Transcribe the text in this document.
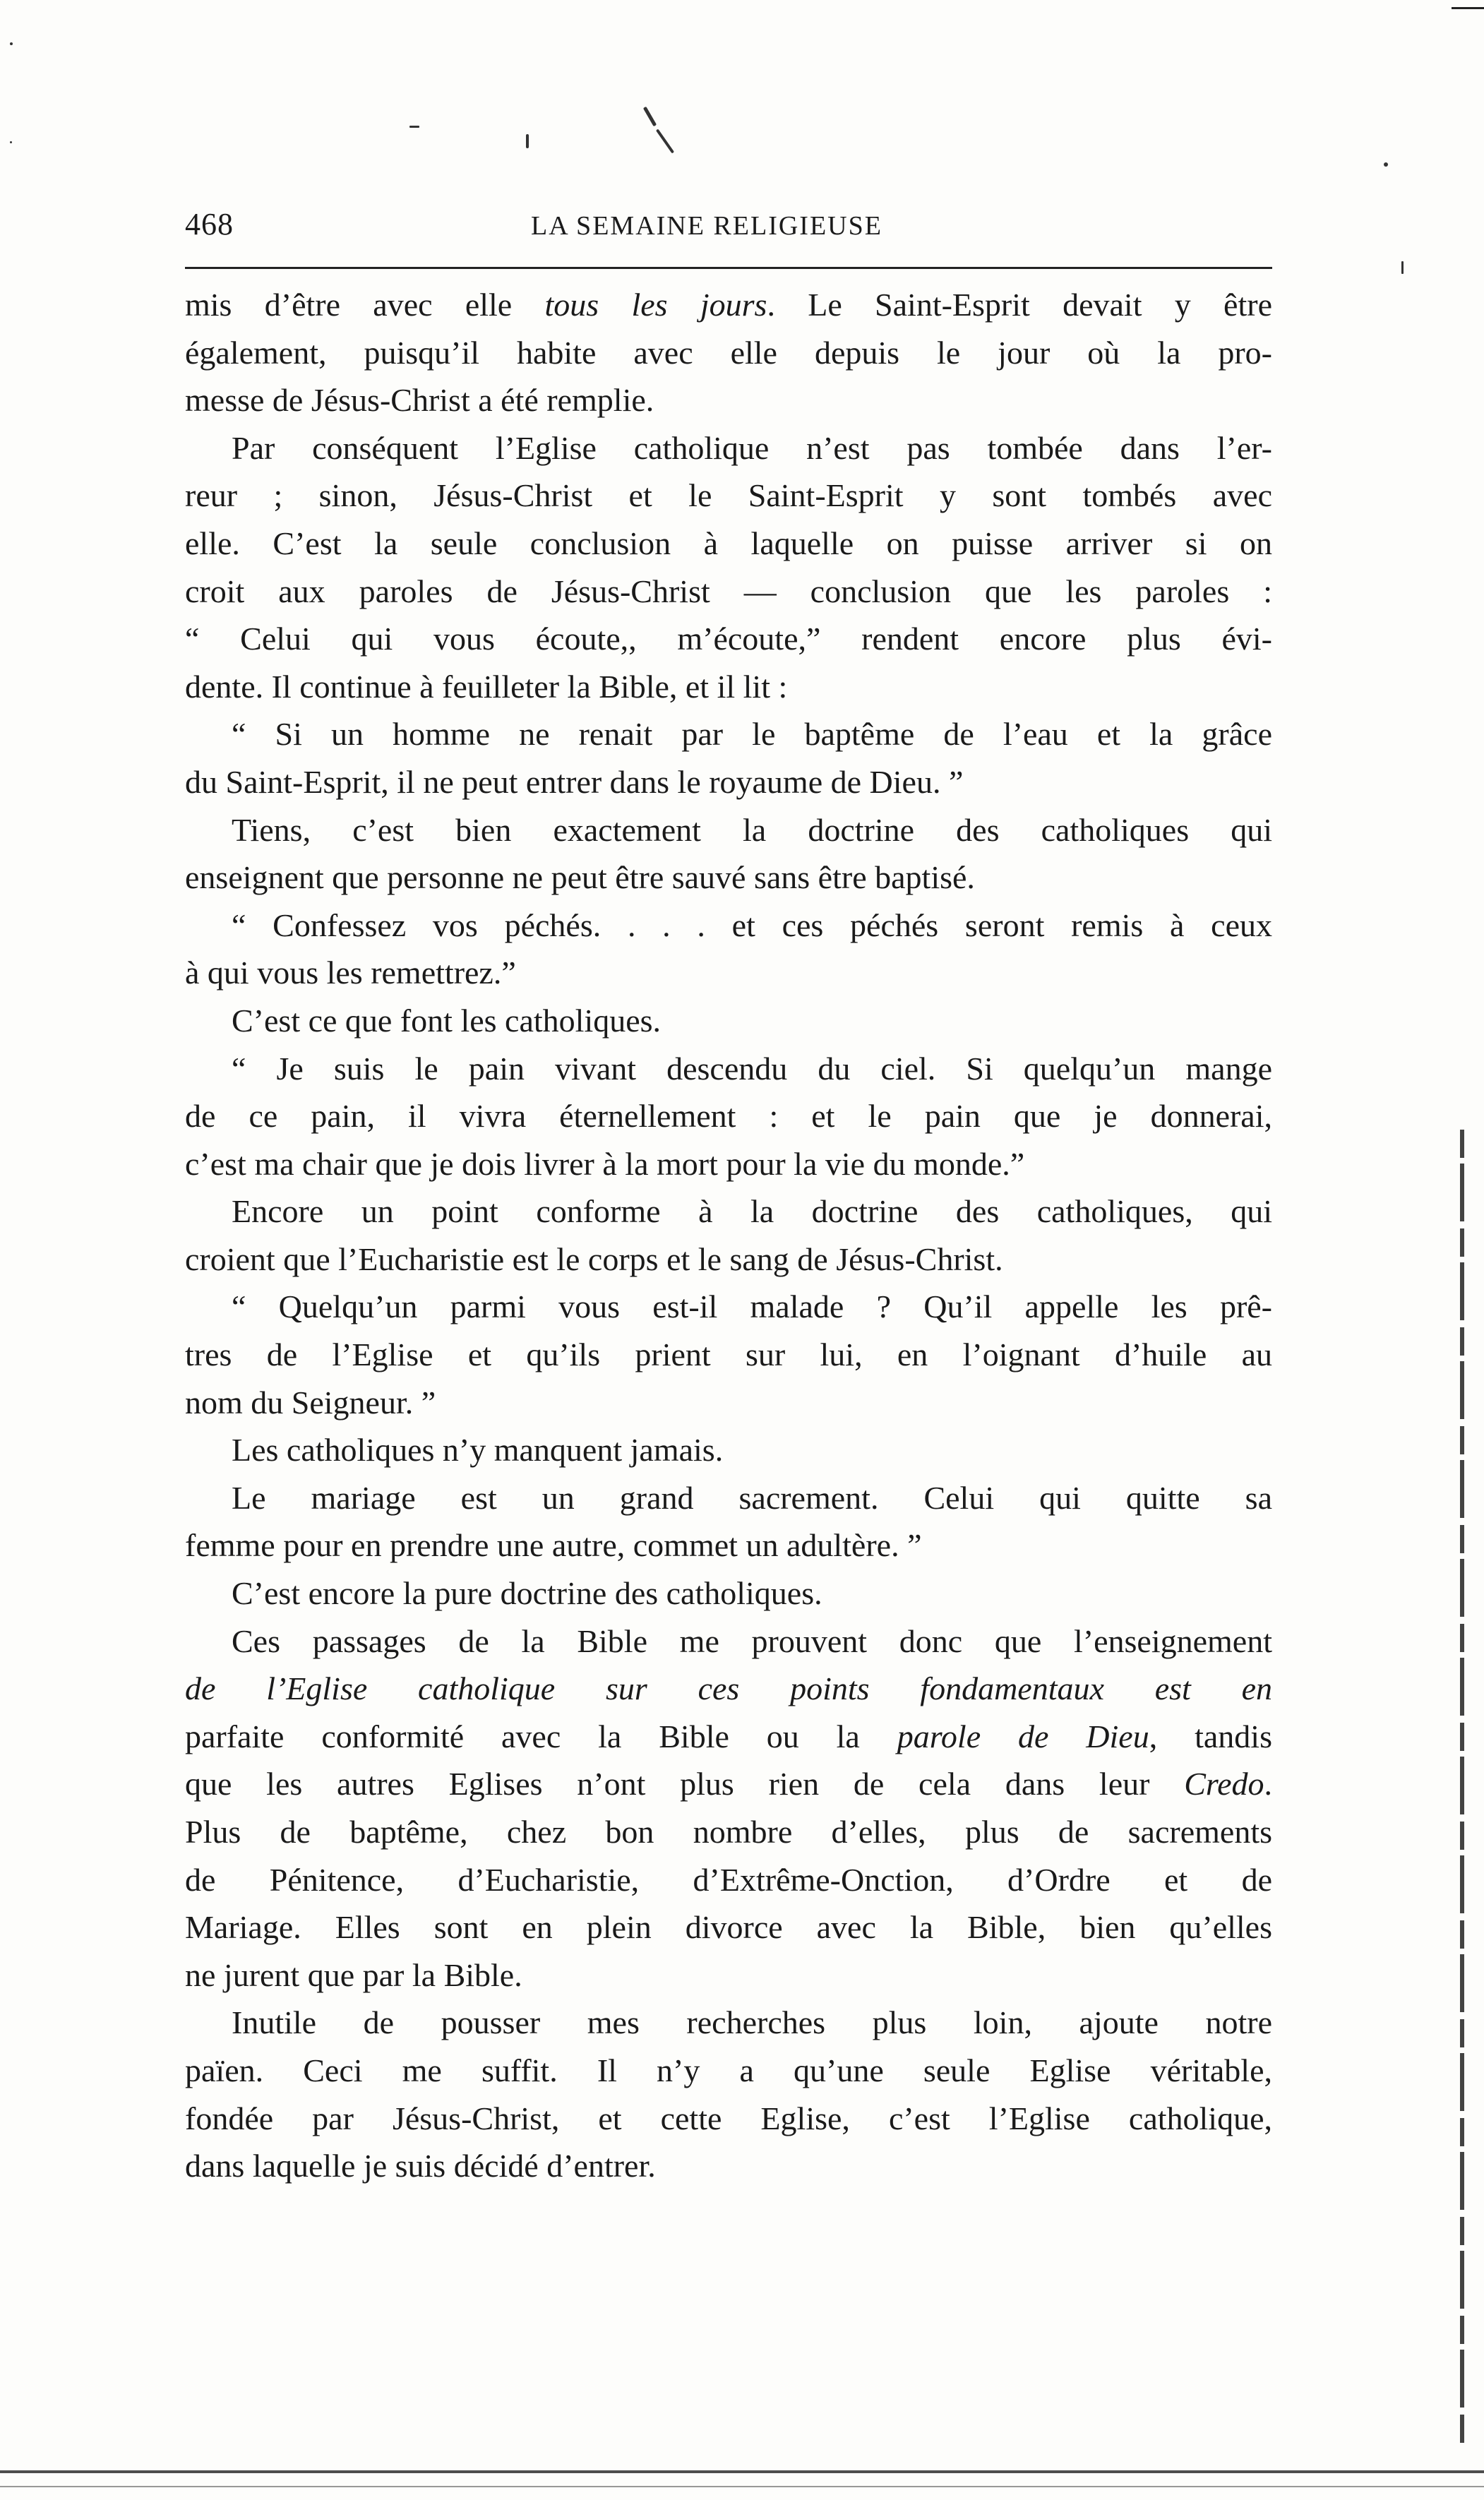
468	LA SEMAINE RELIGIEUSE
mis d’être avec elle tous les jours. Le Saint-Esprit devait y être
également, puisqu’il habite avec elle depuis le jour où la pro-
messe de Jésus-Christ a été remplie.
Par conséquent l’Eglise catholique n’est pas tombée dans l’er-
reur ; sinon, Jésus-Christ et le Saint-Esprit y sont tombés avec
elle. C’est la seule conclusion à laquelle on puisse arriver si on
croit aux paroles de Jésus-Christ — conclusion que les paroles :
“ Celui qui vous écoute,, m’écoute,” rendent encore plus évi-
dente. Il continue à feuilleter la Bible, et il lit :
“ Si un homme ne renait par le baptême de l’eau et la grâce
du Saint-Esprit, il ne peut entrer dans le royaume de Dieu. ”
Tiens, c’est bien exactement la doctrine des catholiques qui
enseignent que personne ne peut être sauvé sans être baptisé.
“ Confessez vos péchés. . . . et ces péchés seront remis à ceux
à qui vous les remettrez.”
C’est ce que font les catholiques.
“ Je suis le pain vivant descendu du ciel. Si quelqu’un mange
de ce pain, il vivra éternellement : et le pain que je donnerai,
c’est ma chair que je dois livrer à la mort pour la vie du monde.”
Encore un point conforme à la doctrine des catholiques, qui
croient que l’Eucharistie est le corps et le sang de Jésus-Christ.
“ Quelqu’un parmi vous est-il malade ? Qu’il appelle les prê-
tres de l’Eglise et qu’ils prient sur lui, en l’oignant d’huile au
nom du Seigneur. ”
Les catholiques n’y manquent jamais.
Le mariage est un grand sacrement. Celui qui quitte sa
femme pour en prendre une autre, commet un adultère. ”
C’est encore la pure doctrine des catholiques.
Ces passages de la Bible me prouvent donc que l’enseignement
de l’Eglise catholique sur ces points fondamentaux est en
parfaite conformité avec la Bible ou la parole de Dieu, tandis
que les autres Eglises n’ont plus rien de cela dans leur Credo.
Plus de baptême, chez bon nombre d’elles, plus de sacrements
de Pénitence, d’Eucharistie, d’Extrême-Onction, d’Ordre et de
Mariage. Elles sont en plein divorce avec la Bible, bien qu’elles
ne jurent que par la Bible.
Inutile de pousser mes recherches plus loin, ajoute notre
païen. Ceci me suffit. Il n’y a qu’une seule Eglise véritable,
fondée par Jésus-Christ, et cette Eglise, c’est l’Eglise catholique,
dans laquelle je suis décidé d’entrer.
